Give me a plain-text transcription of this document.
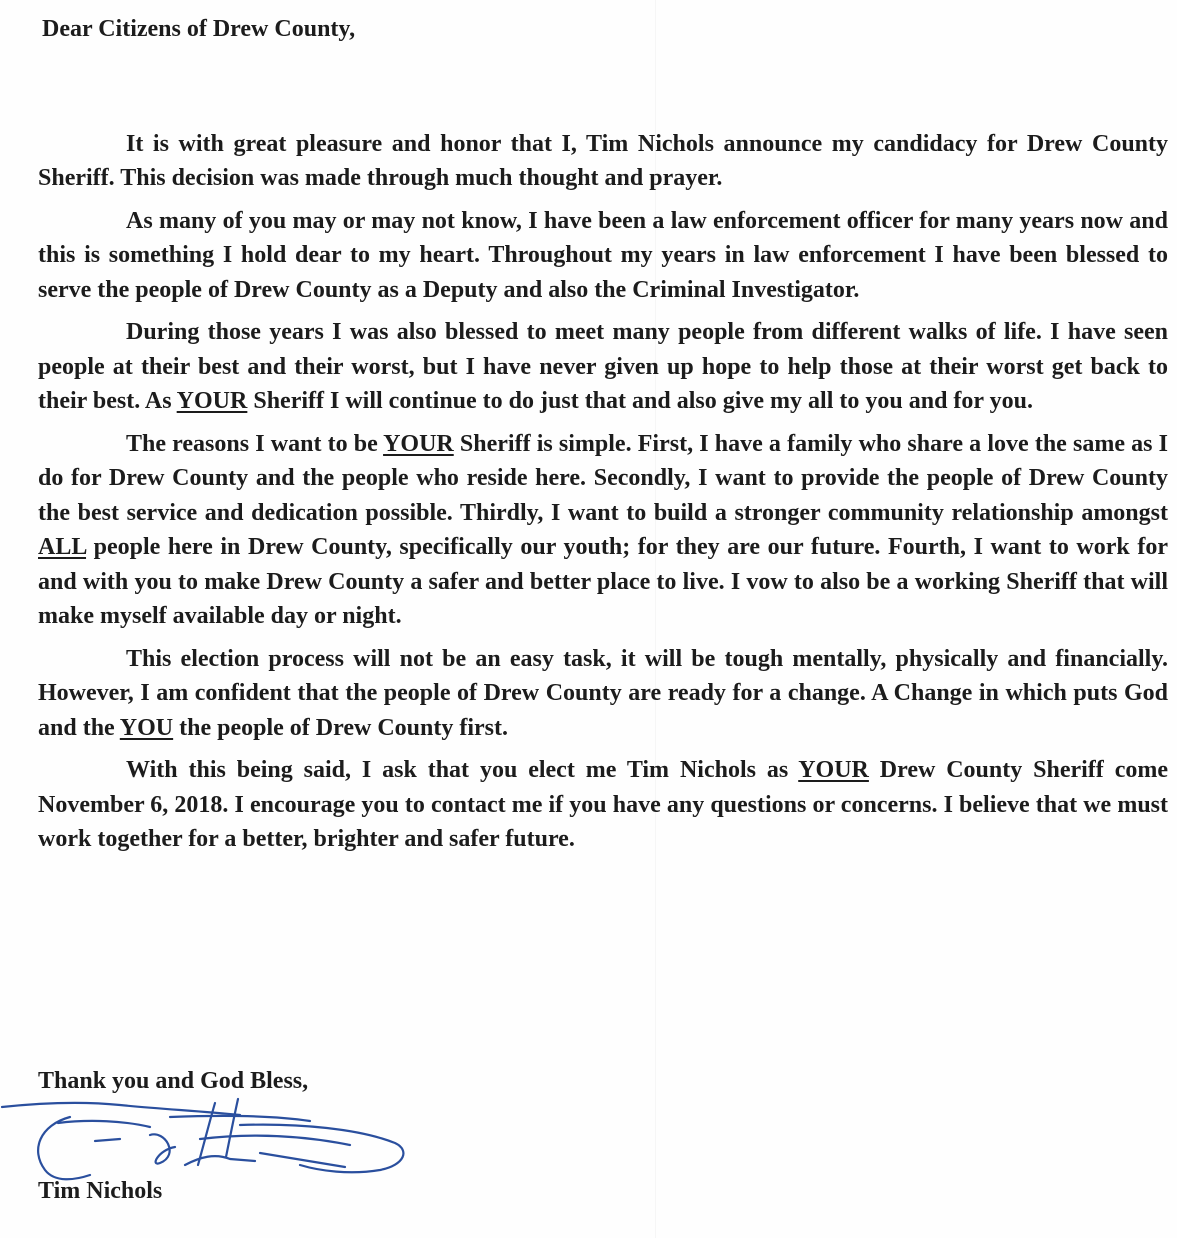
Dear Citizens of Drew County,

It is with great pleasure and honor that I, Tim Nichols announce my candidacy for Drew County Sheriff. This decision was made through much thought and prayer.

As many of you may or may not know, I have been a law enforcement officer for many years now and this is something I hold dear to my heart. Throughout my years in law enforcement I have been blessed to serve the people of Drew County as a Deputy and also the Criminal Investigator.

During those years I was also blessed to meet many people from different walks of life. I have seen people at their best and their worst, but I have never given up hope to help those at their worst get back to their best. As YOUR Sheriff I will continue to do just that and also give my all to you and for you.

The reasons I want to be YOUR Sheriff is simple. First, I have a family who share a love the same as I do for Drew County and the people who reside here. Secondly, I want to provide the people of Drew County the best service and dedication possible. Thirdly, I want to build a stronger community relationship amongst ALL people here in Drew County, specifically our youth; for they are our future. Fourth, I want to work for and with you to make Drew County a safer and better place to live. I vow to also be a working Sheriff that will make myself available day or night.

This election process will not be an easy task, it will be tough mentally, physically and financially. However, I am confident that the people of Drew County are ready for a change. A Change in which puts God and the YOU the people of Drew County first.

With this being said, I ask that you elect me Tim Nichols as YOUR Drew County Sheriff come November 6, 2018. I encourage you to contact me if you have any questions or concerns. I believe that we must work together for a better, brighter and safer future.

Thank you and God Bless,

Tim Nichols
